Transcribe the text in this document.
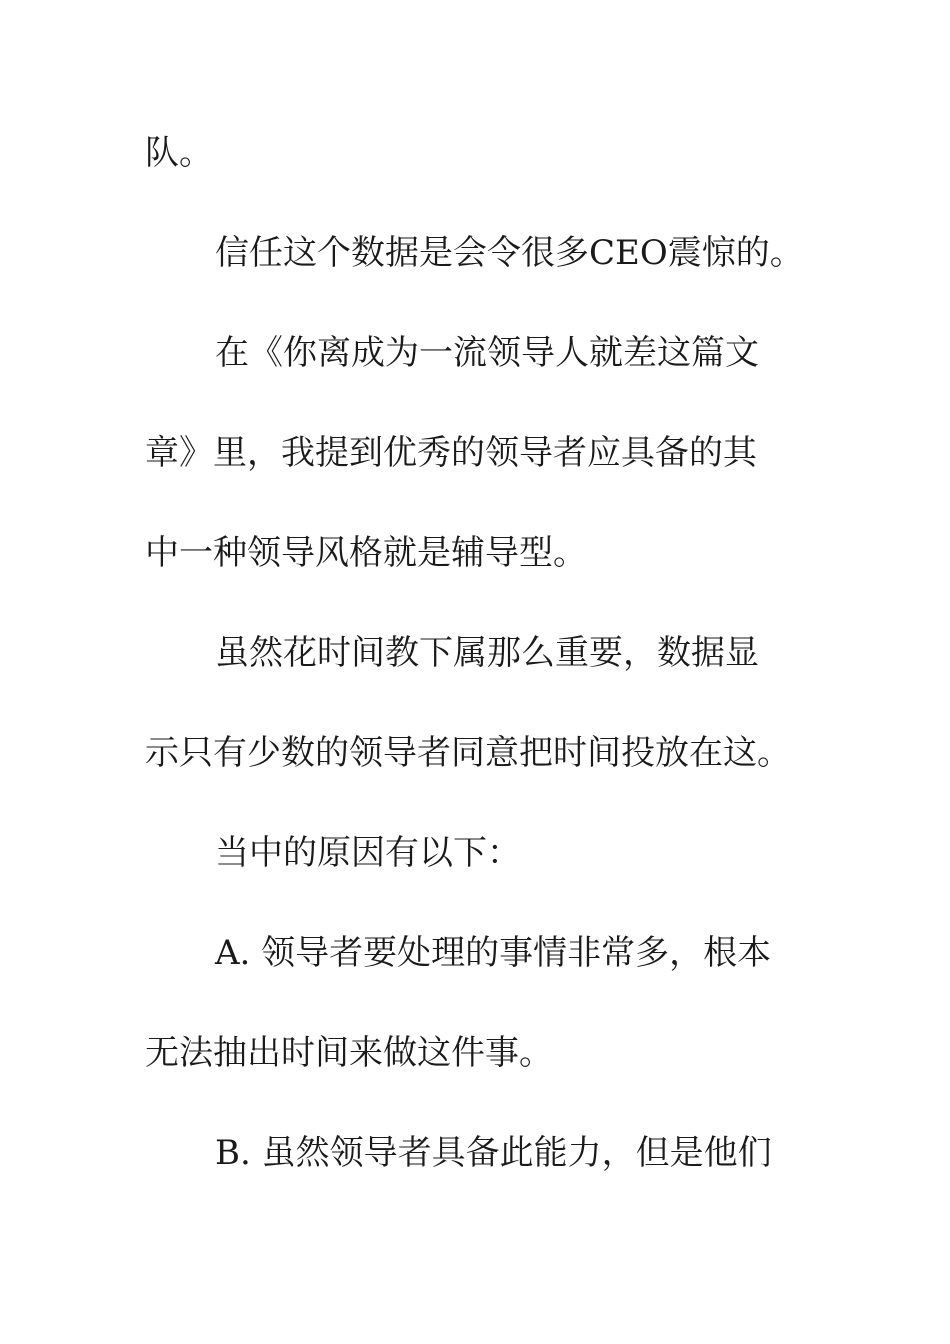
队。
信任这个数据是会令很多CEO震惊的。
在《你离成为一流领导人就差这篇文
章》里，我提到优秀的领导者应具备的其
中一种领导风格就是辅导型。
虽然花时间教下属那么重要，数据显
示只有少数的领导者同意把时间投放在这。
当中的原因有以下：
A. 领导者要处理的事情非常多，根本
无法抽出时间来做这件事。
B. 虽然领导者具备此能力，但是他们
